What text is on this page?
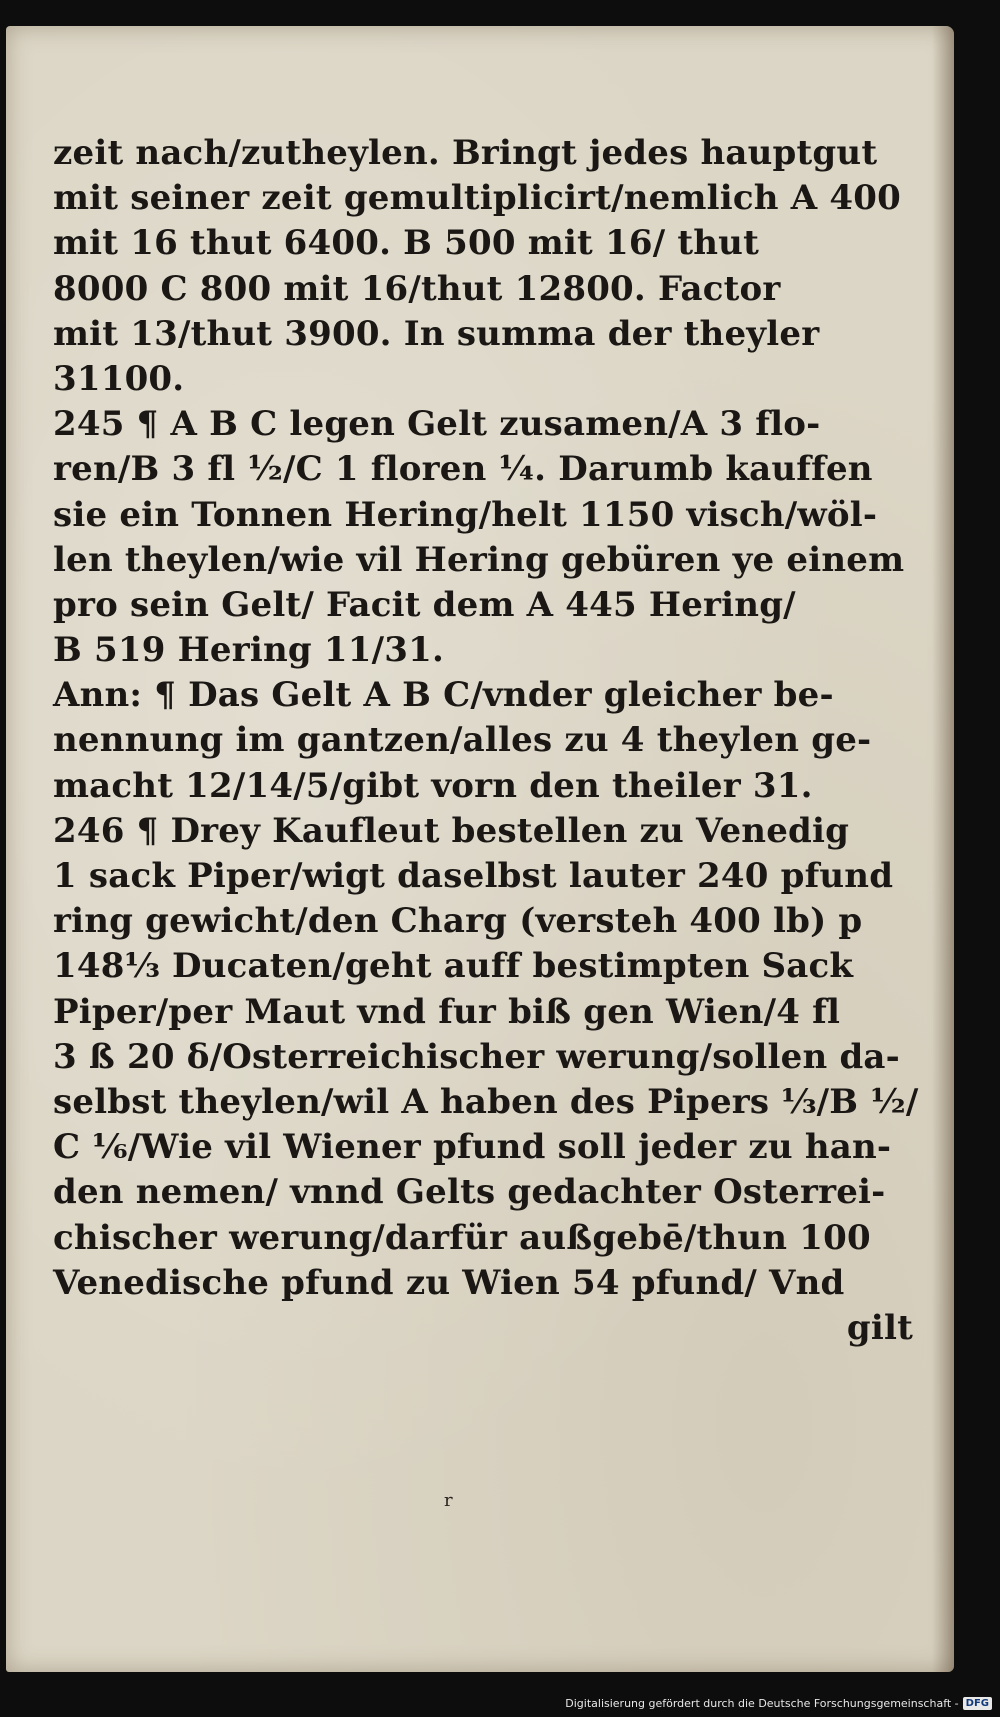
zeit nach/zutheylen. Bringt jedes hauptgut
mit seiner zeit gemultiplicirt/nemlich A 400
mit 16 thut 6400. B 500 mit 16/ thut
8000 C 800 mit 16/thut 12800. Factor
mit 13/thut 3900. In summa der theyler
31100.
245 ¶ A B C legen Gelt zusamen/A 3 flo-
ren/B 3 fl ½/C 1 floren ¼. Darumb kauffen
sie ein Tonnen Hering/helt 1150 visch/wöl-
len theylen/wie vil Hering gebüren ye einem
pro sein Gelt/ Facit dem A 445 Hering/
B 519 Hering 11/31.
Ann: ¶ Das Gelt A B C/vnder gleicher be-
nennung im gantzen/alles zu 4 theylen ge-
macht 12/14/5/gibt vorn den theiler 31.
246 ¶ Drey Kaufleut bestellen zu Venedig
1 sack Piper/wigt daselbst lauter 240 pfund
ring gewicht/den Charg (versteh 400 lb) p
148⅓ Ducaten/geht auff bestimpten Sack
Piper/per Maut vnd fur biß gen Wien/4 fl
3 ß 20 δ/Osterreichischer werung/sollen da-
selbst theylen/wil A haben des Pipers ⅓/B ½/
C ⅙/Wie vil Wiener pfund soll jeder zu han-
den nemen/ vnnd Gelts gedachter Osterrei-
chischer werung/darfür außgebē/thun 100
Venedische pfund zu Wien 54 pfund/ Vnd
gilt
r
Digitalisierung gefördert durch die Deutsche Forschungsgemeinschaft - DFG
